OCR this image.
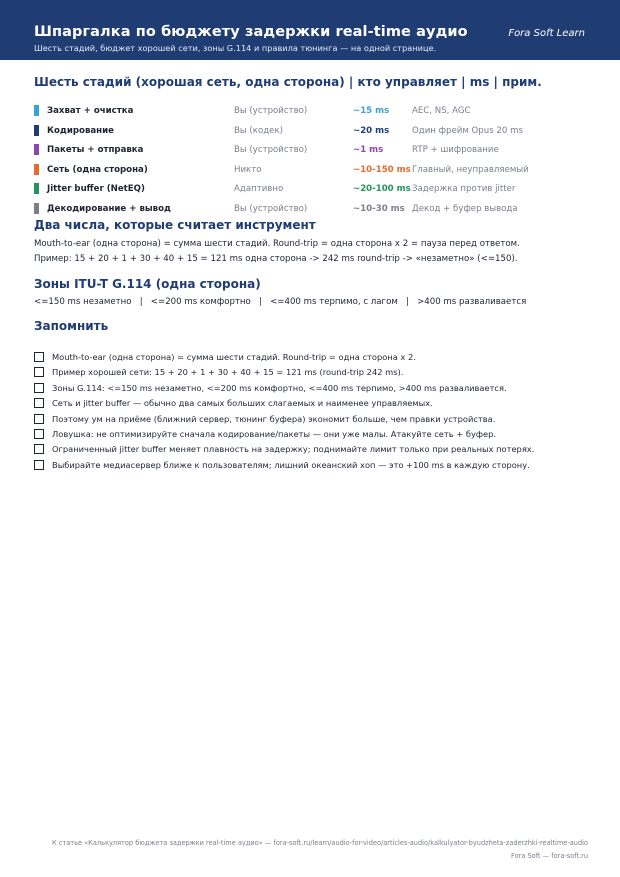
Шпаргалка по бюджету задержки real-time аудио	Fora Soft Learn
Шесть стадий, бюджет хорошей сети, зоны G.114 и правила тюнинга — на одной странице.
Шесть стадий (хорошая сеть, одна сторона) | кто управляет | ms | прим.
Захват + очистка	Вы (устройство)	~15 ms	AEC, NS, AGC
Кодирование	Вы (кодек)	~20 ms	Один фрейм Opus 20 ms
Пакеты + отправка	Вы (устройство)	~1 ms	RTP + шифрование
Сеть (одна сторона)	Никто	~10-150 ms Главный, неуправляемый
Jitter buffer (NetEQ)	Адаптивно	~20-100 ms Задержка против jitter
Декодирование + вывод	Вы (устройство)	~10-30 ms Декод + буфер вывода
Два числа, которые считает инструмент
Mouth-to-ear (одна сторона) = сумма шести стадий. Round-trip = одна сторона x 2 = пауза перед ответом.
Пример: 15 + 20 + 1 + 30 + 40 + 15 = 121 ms одна сторона -> 242 ms round-trip -> «незаметно» (<=150).
Зоны ITU-T G.114 (одна сторона)
<=150 ms незаметно   |   <=200 ms комфортно   |   <=400 ms терпимо, с лагом   |   >400 ms разваливается
Запомнить
Mouth-to-ear (одна сторона) = сумма шести стадий. Round-trip = одна сторона x 2.
Пример хорошей сети: 15 + 20 + 1 + 30 + 40 + 15 = 121 ms (round-trip 242 ms).
Зоны G.114: <=150 ms незаметно, <=200 ms комфортно, <=400 ms терпимо, >400 ms разваливается.
Сеть и jitter buffer — обычно два самых больших слагаемых и наименее управляемых.
Поэтому ум на приёме (ближний сервер, тюнинг буфера) экономит больше, чем правки устройства.
Ловушка: не оптимизируйте сначала кодирование/пакеты — они уже малы. Атакуйте сеть + буфер.
Ограниченный jitter buffer меняет плавность на задержку; поднимайте лимит только при реальных потерях.
Выбирайте медиасервер ближе к пользователям; лишний океанский хоп — это +100 ms в каждую сторону.
К статье «Калькулятор бюджета задержки real-time аудио» — fora-soft.ru/learn/audio-for-video/articles-audio/kalkulyator-byudzheta-zaderzhki-realtime-audio
Fora Soft — fora-soft.ru
